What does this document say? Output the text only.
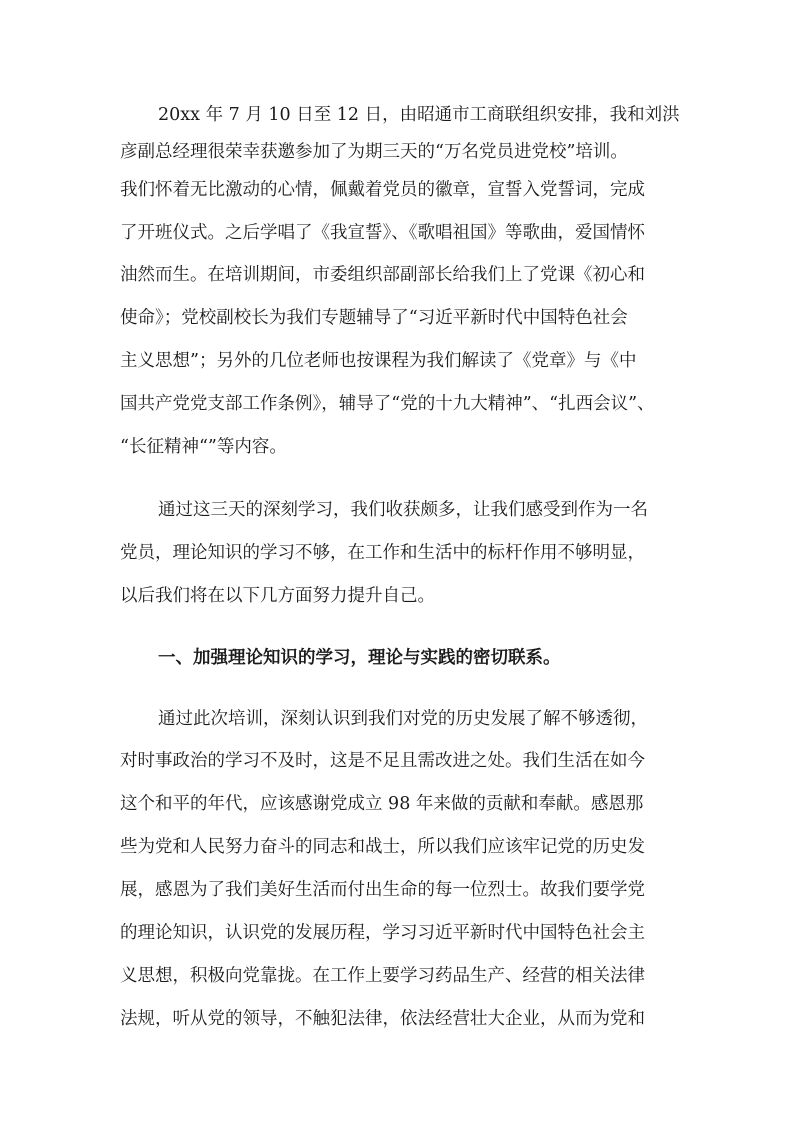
20xx 年 7 月 10 日至 12 日，由昭通市工商联组织安排，我和刘洪
彦副总经理很荣幸获邀参加了为期三天的“万名党员进党校”培训。
我们怀着无比激动的心情，佩戴着党员的徽章，宣誓入党誓词，完成
了开班仪式。之后学唱了《我宣誓》、《歌唱祖国》等歌曲，爱国情怀
油然而生。在培训期间，市委组织部副部长给我们上了党课《初心和
使命》；党校副校长为我们专题辅导了“习近平新时代中国特色社会
主义思想”；另外的几位老师也按课程为我们解读了《党章》与《中
国共产党党支部工作条例》，辅导了“党的十九大精神”、“扎西会议”、
“长征精神“”等内容。
通过这三天的深刻学习，我们收获颇多，让我们感受到作为一名
党员，理论知识的学习不够，在工作和生活中的标杆作用不够明显，
以后我们将在以下几方面努力提升自己。
一、加强理论知识的学习，理论与实践的密切联系。
通过此次培训，深刻认识到我们对党的历史发展了解不够透彻，
对时事政治的学习不及时，这是不足且需改进之处。我们生活在如今
这个和平的年代，应该感谢党成立 98 年来做的贡献和奉献。感恩那
些为党和人民努力奋斗的同志和战士，所以我们应该牢记党的历史发
展，感恩为了我们美好生活而付出生命的每一位烈士。故我们要学党
的理论知识，认识党的发展历程，学习习近平新时代中国特色社会主
义思想，积极向党靠拢。在工作上要学习药品生产、经营的相关法律
法规，听从党的领导，不触犯法律，依法经营壮大企业，从而为党和
